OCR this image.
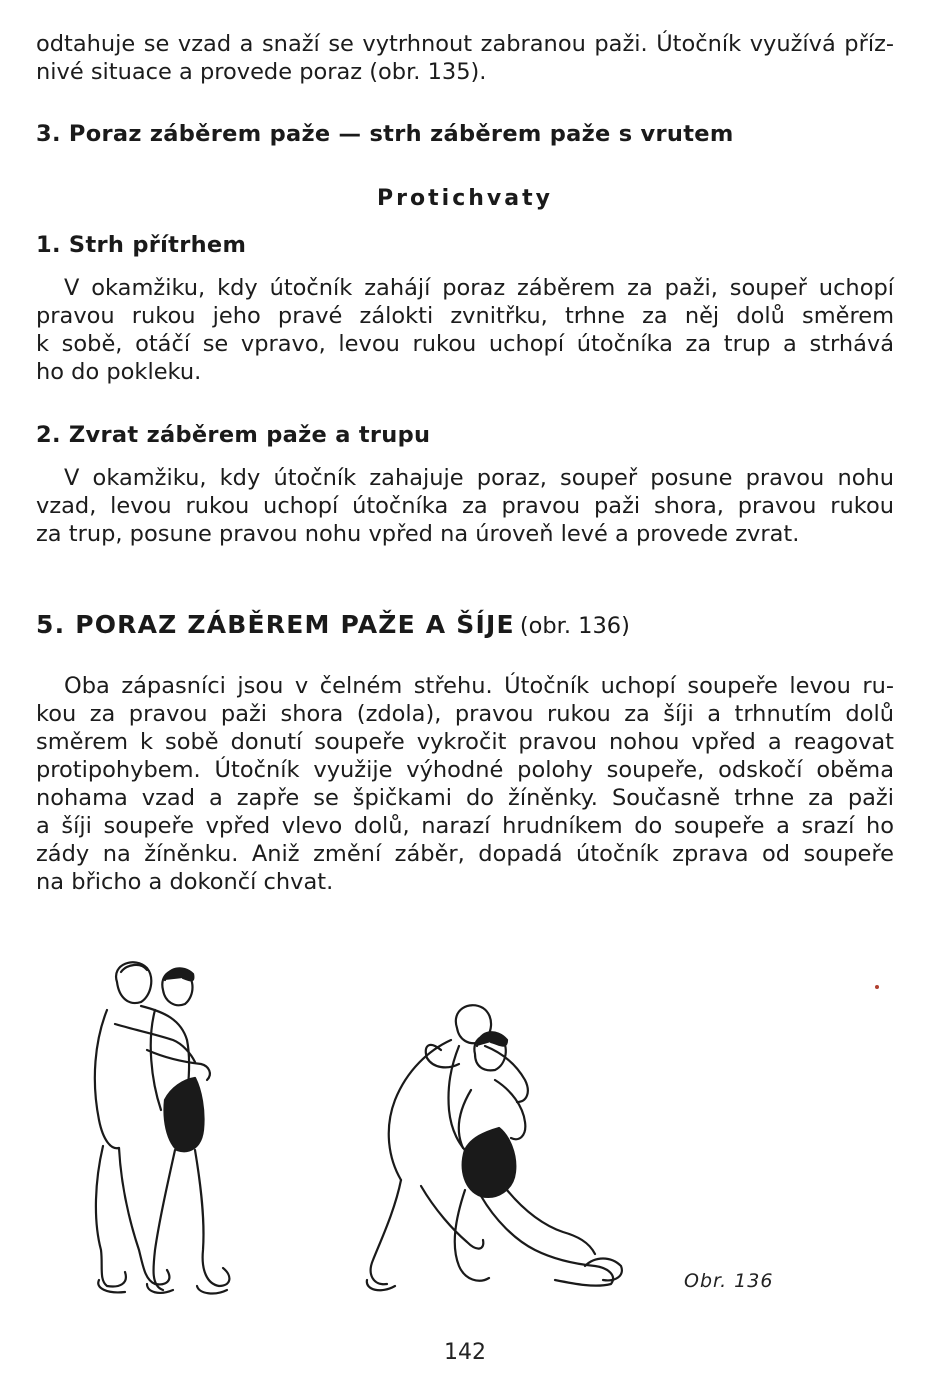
odtahuje se vzad a snaží se vytrhnout zabranou paži. Útočník využívá příz-
nivé situace a provede poraz (obr. 135).
3. Poraz záběrem paže — strh záběrem paže s vrutem
Protichvaty
1. Strh přítrhem
V okamžiku, kdy útočník zahájí poraz záběrem za paži, soupeř uchopí
pravou rukou jeho pravé zálokti zvnitřku, trhne za něj dolů směrem
k sobě, otáčí se vpravo, levou rukou uchopí útočníka za trup a strhává
ho do pokleku.
2. Zvrat záběrem paže a trupu
V okamžiku, kdy útočník zahajuje poraz, soupeř posune pravou nohu
vzad, levou rukou uchopí útočníka za pravou paži shora, pravou rukou
za trup, posune pravou nohu vpřed na úroveň levé a provede zvrat.
5. PORAZ ZÁBĚREM PAŽE A ŠÍJE (obr. 136)
Oba zápasníci jsou v čelném střehu. Útočník uchopí soupeře levou ru-
kou za pravou paži shora (zdola), pravou rukou za šíji a trhnutím dolů
směrem k sobě donutí soupeře vykročit pravou nohou vpřed a reagovat
protipohybem. Útočník využije výhodné polohy soupeře, odskočí oběma
nohama vzad a zapře se špičkami do žíněnky. Současně trhne za paži
a šíji soupeře vpřed vlevo dolů, narazí hrudníkem do soupeře a srazí ho
zády na žíněnku. Aniž změní záběr, dopadá útočník zprava od soupeře
na břicho a dokončí chvat.
Obr. 136
142
